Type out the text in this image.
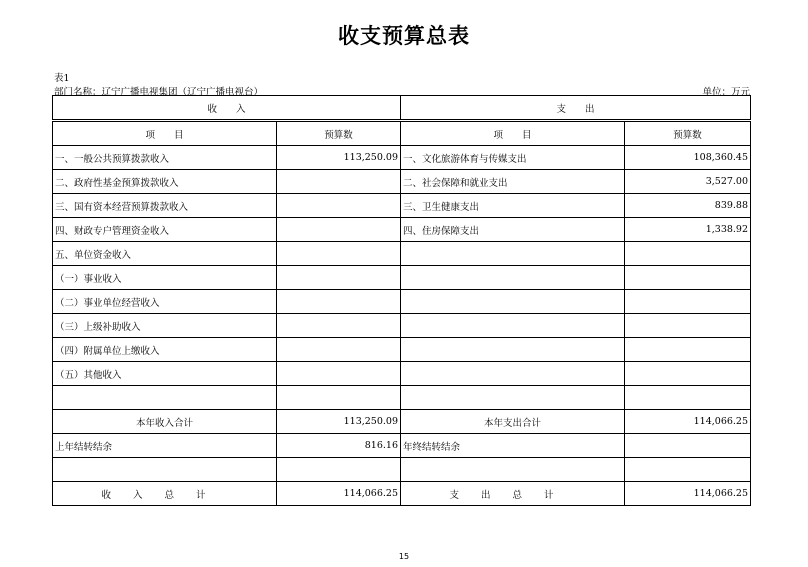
收支预算总表
表1
部门名称：辽宁广播电视集团（辽宁广播电视台）	单位：万元
收　　入		支　　出	
项　　目	预算数	项　　目	预算数
一、一般公共预算拨款收入	113,250.09	一、文化旅游体育与传媒支出	108,360.45
二、政府性基金预算拨款收入		二、社会保障和就业支出	3,527.00
三、国有资本经营预算拨款收入		三、卫生健康支出	839.88
四、财政专户管理资金收入		四、住房保障支出	1,338.92
五、单位资金收入			
（一）事业收入			
（二）事业单位经营收入			
（三）上级补助收入			
（四）附属单位上缴收入			
（五）其他收入			

本年收入合计	113,250.09	本年支出合计	114,066.25
上年结转结余	816.16	年终结转结余	

收入总计	114,066.25	支出总计	114,066.25
15
